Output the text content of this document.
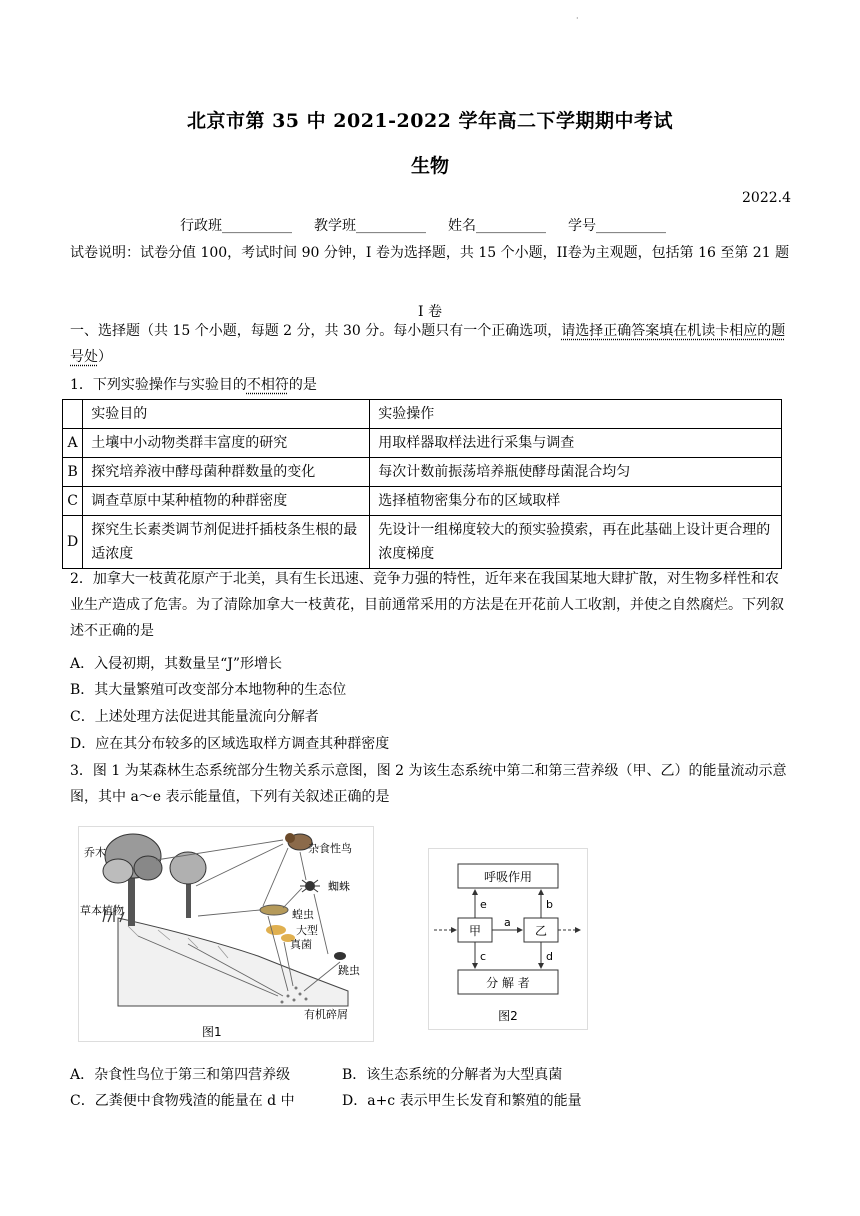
·
北京市第 35 中 2021-2022 学年高二下学期期中考试
生物
2022.4
行政班__________ 教学班__________ 姓名__________ 学号__________
试卷说明：试卷分值 100，考试时间 90 分钟，I 卷为选择题，共 15 个小题，II卷为主观题，包括第 16 至第 21 题
I 卷
一、选择题（共 15 个小题，每题 2 分，共 30 分。每小题只有一个正确选项，请选择正确答案填在机读卡相应的题号处）
1．下列实验操作与实验目的不相符的是
	实验目的	实验操作
A	土壤中小动物类群丰富度的研究	用取样器取样法进行采集与调查
B	探究培养液中酵母菌种群数量的变化	每次计数前振荡培养瓶使酵母菌混合均匀
C	调查草原中某种植物的种群密度	选择植物密集分布的区域取样
D	探究生长素类调节剂促进扦插枝条生根的最适浓度	先设计一组梯度较大的预实验摸索，再在此基础上设计更合理的浓度梯度
2．加拿大一枝黄花原产于北美，具有生长迅速、竞争力强的特性，近年来在我国某地大肆扩散，对生物多样性和农业生产造成了危害。为了清除加拿大一枝黄花，目前通常采用的方法是在开花前人工收割，并使之自然腐烂。下列叙述不正确的是
A．入侵初期，其数量呈“J”形增长
B．其大量繁殖可改变部分本地物种的生态位
C．上述处理方法促进其能量流向分解者
D．应在其分布较多的区域选取样方调查其种群密度
3．图 1 为某森林生态系统部分生物关系示意图，图 2 为该生态系统中第二和第三营养级（甲、乙）的能量流动示意图，其中 a～e 表示能量值，下列有关叙述正确的是
杂食性鸟
蜘蛛
乔木
草本植物	蝗虫
大型
真菌
跳虫
有机碎屑
图1
呼吸作用
甲	乙
分 解 者
e
a
b
c	d
图2
A．杂食性鸟位于第三和第四营养级	B．该生态系统的分解者为大型真菌
C．乙粪便中食物残渣的能量在 d 中	D．a+c 表示甲生长发育和繁殖的能量
